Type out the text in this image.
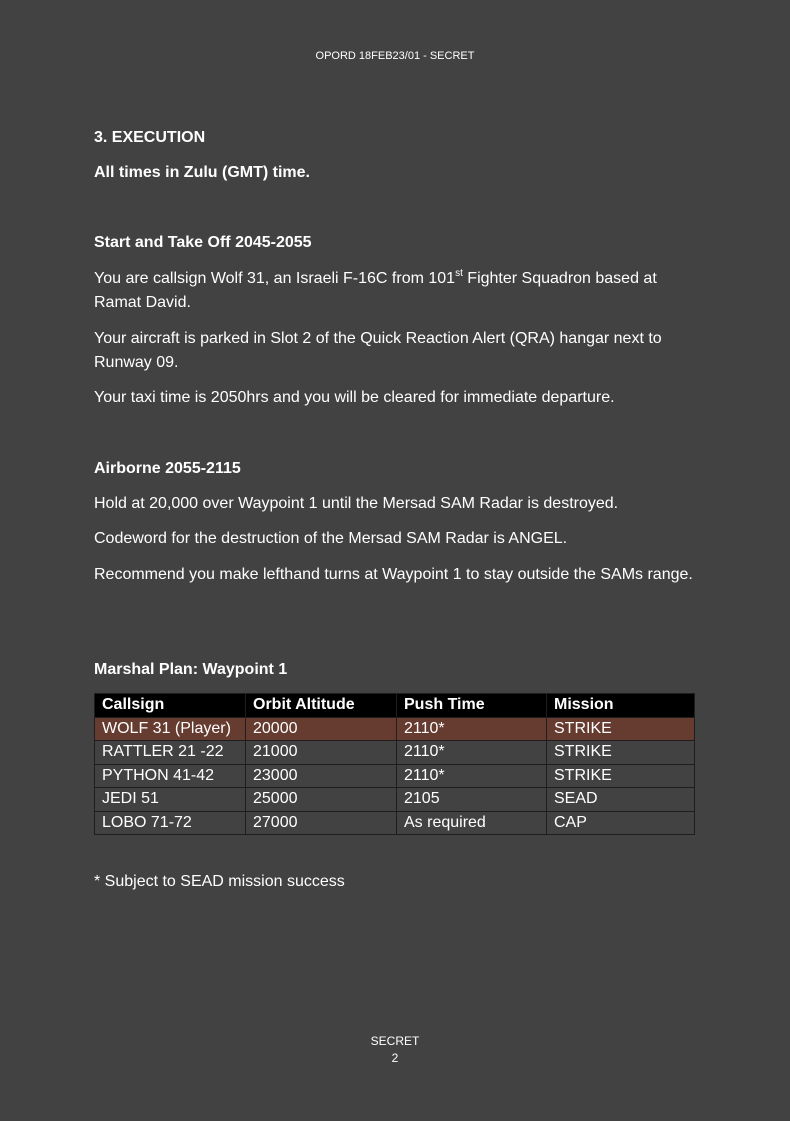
OPORD 18FEB23/01 - SECRET

3. EXECUTION

All times in Zulu (GMT) time.

Start and Take Off 2045-2055

You are callsign Wolf 31, an Israeli F-16C from 101st Fighter Squadron based at Ramat David.

Your aircraft is parked in Slot 2 of the Quick Reaction Alert (QRA) hangar next to Runway 09.

Your taxi time is 2050hrs and you will be cleared for immediate departure.

Airborne 2055-2115

Hold at 20,000 over Waypoint 1 until the Mersad SAM Radar is destroyed.

Codeword for the destruction of the Mersad SAM Radar is ANGEL.

Recommend you make lefthand turns at Waypoint 1 to stay outside the SAMs range.

Marshal Plan: Waypoint 1

Callsign	Orbit Altitude	Push Time	Mission
WOLF 31 (Player)	20000	2110*	STRIKE
RATTLER 21 -22	21000	2110*	STRIKE
PYTHON 41-42	23000	2110*	STRIKE
JEDI 51	25000	2105	SEAD
LOBO 71-72	27000	As required	CAP

* Subject to SEAD mission success

SECRET
2
